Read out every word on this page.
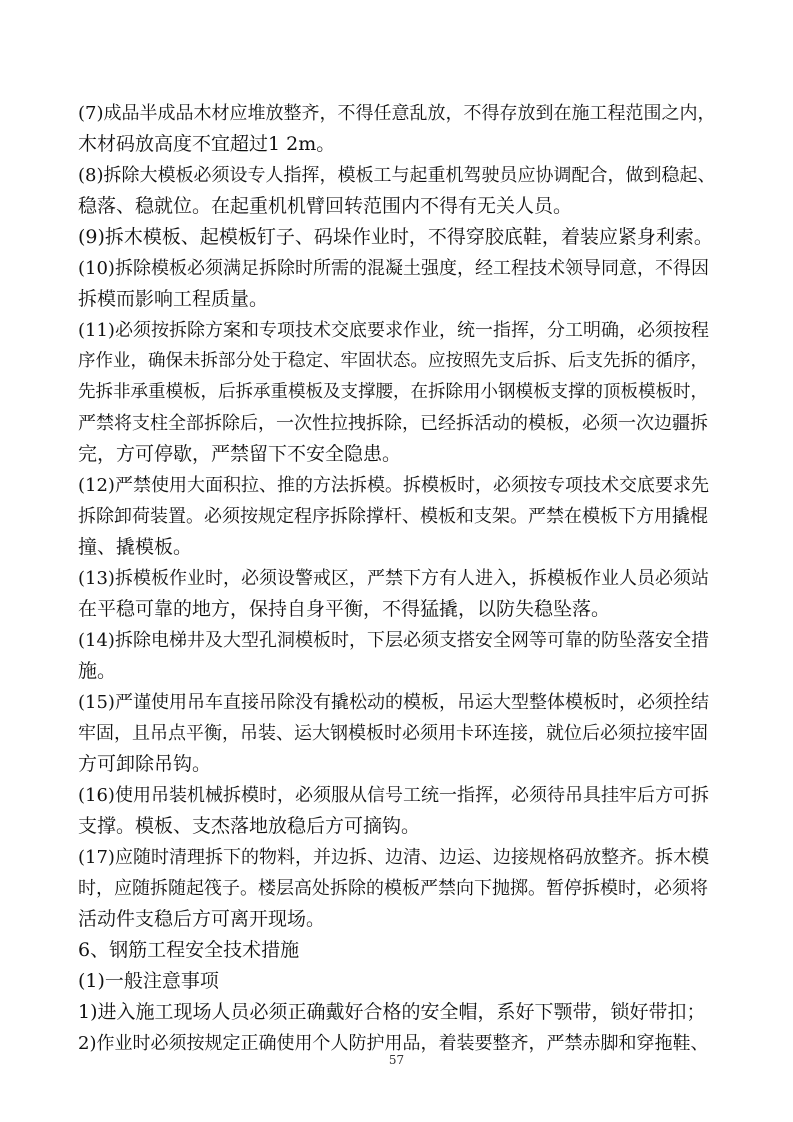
(7)成品半成品木材应堆放整齐，不得任意乱放，不得存放到在施工程范围之内，
木材码放高度不宜超过1 2m。
(8)拆除大模板必须设专人指挥，模板工与起重机驾驶员应协调配合，做到稳起、
稳落、稳就位。在起重机机臂回转范围内不得有无关人员。
(9)拆木模板、起模板钉子、码垛作业时，不得穿胶底鞋，着装应紧身利索。
(10)拆除模板必须满足拆除时所需的混凝土强度，经工程技术领导同意，不得因
拆模而影响工程质量。
(11)必须按拆除方案和专项技术交底要求作业，统一指挥，分工明确，必须按程
序作业，确保未拆部分处于稳定、牢固状态。应按照先支后拆、后支先拆的循序，
先拆非承重模板，后拆承重模板及支撑腰，在拆除用小钢模板支撑的顶板模板时，
严禁将支柱全部拆除后，一次性拉拽拆除，已经拆活动的模板，必须一次边疆拆
完，方可停歇，严禁留下不安全隐患。
(12)严禁使用大面积拉、推的方法拆模。拆模板时，必须按专项技术交底要求先
拆除卸荷装置。必须按规定程序拆除撑杆、模板和支架。严禁在模板下方用撬棍
撞、撬模板。
(13)拆模板作业时，必须设警戒区，严禁下方有人进入，拆模板作业人员必须站
在平稳可靠的地方，保持自身平衡，不得猛撬，以防失稳坠落。
(14)拆除电梯井及大型孔洞模板时，下层必须支搭安全网等可靠的防坠落安全措
施。
(15)严谨使用吊车直接吊除没有撬松动的模板，吊运大型整体模板时，必须拴结
牢固，且吊点平衡，吊装、运大钢模板时必须用卡环连接，就位后必须拉接牢固
方可卸除吊钩。
(16)使用吊装机械拆模时，必须服从信号工统一指挥，必须待吊具挂牢后方可拆
支撑。模板、支杰落地放稳后方可摘钩。
(17)应随时清理拆下的物料，并边拆、边清、边运、边接规格码放整齐。拆木模
时，应随拆随起筏子。楼层高处拆除的模板严禁向下抛掷。暂停拆模时，必须将
活动件支稳后方可离开现场。
6、钢筋工程安全技术措施
(1)一般注意事项
1)进入施工现场人员必须正确戴好合格的安全帽，系好下颚带，锁好带扣；
2)作业时必须按规定正确使用个人防护用品，着装要整齐，严禁赤脚和穿拖鞋、
57
